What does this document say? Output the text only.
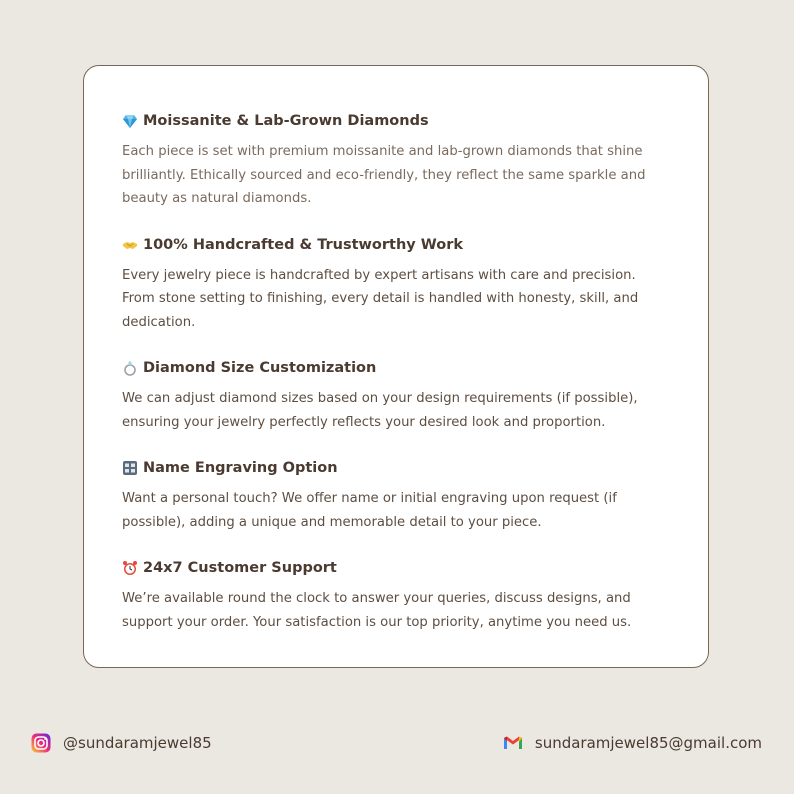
Moissanite & Lab-Grown Diamonds

Each piece is set with premium moissanite and lab-grown diamonds that shine brilliantly. Ethically sourced and eco-friendly, they reflect the same sparkle and beauty as natural diamonds.

100% Handcrafted & Trustworthy Work

Every jewelry piece is handcrafted by expert artisans with care and precision. From stone setting to finishing, every detail is handled with honesty, skill, and dedication.

Diamond Size Customization

We can adjust diamond sizes based on your design requirements (if possible), ensuring your jewelry perfectly reflects your desired look and proportion.

Name Engraving Option

Want a personal touch? We offer name or initial engraving upon request (if possible), adding a unique and memorable detail to your piece.

24x7 Customer Support

We’re available round the clock to answer your queries, discuss designs, and support your order. Your satisfaction is our top priority, anytime you need us.

@sundaramjewel85	sundaramjewel85@gmail.com
